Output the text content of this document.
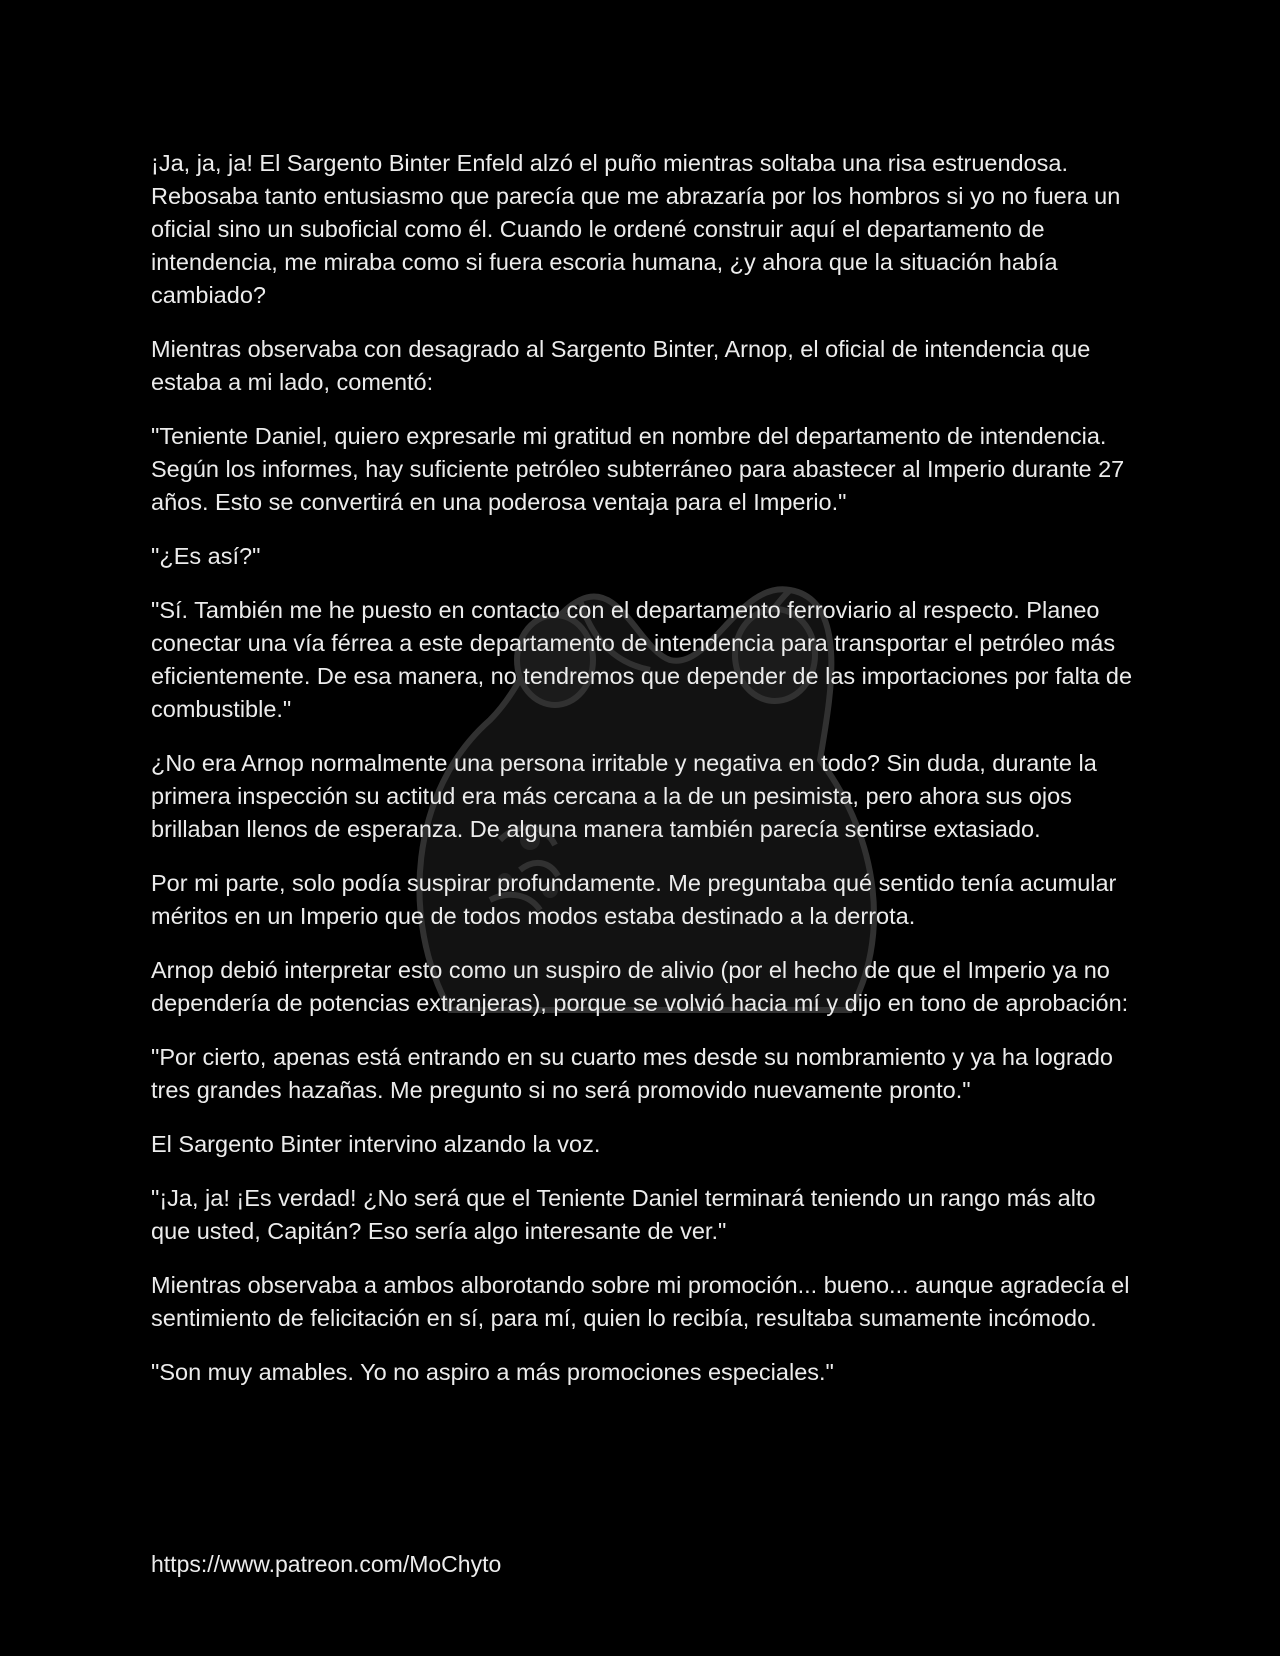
¡Ja, ja, ja! El Sargento Binter Enfeld alzó el puño mientras soltaba una risa estruendosa. Rebosaba tanto entusiasmo que parecía que me abrazaría por los hombros si yo no fuera un oficial sino un suboficial como él. Cuando le ordené construir aquí el departamento de intendencia, me miraba como si fuera escoria humana, ¿y ahora que la situación había cambiado?

Mientras observaba con desagrado al Sargento Binter, Arnop, el oficial de intendencia que estaba a mi lado, comentó:

"Teniente Daniel, quiero expresarle mi gratitud en nombre del departamento de intendencia. Según los informes, hay suficiente petróleo subterráneo para abastecer al Imperio durante 27 años. Esto se convertirá en una poderosa ventaja para el Imperio."

"¿Es así?"

"Sí. También me he puesto en contacto con el departamento ferroviario al respecto. Planeo conectar una vía férrea a este departamento de intendencia para transportar el petróleo más eficientemente. De esa manera, no tendremos que depender de las importaciones por falta de combustible."

¿No era Arnop normalmente una persona irritable y negativa en todo? Sin duda, durante la primera inspección su actitud era más cercana a la de un pesimista, pero ahora sus ojos brillaban llenos de esperanza. De alguna manera también parecía sentirse extasiado.

Por mi parte, solo podía suspirar profundamente. Me preguntaba qué sentido tenía acumular méritos en un Imperio que de todos modos estaba destinado a la derrota.

Arnop debió interpretar esto como un suspiro de alivio (por el hecho de que el Imperio ya no dependería de potencias extranjeras), porque se volvió hacia mí y dijo en tono de aprobación:

"Por cierto, apenas está entrando en su cuarto mes desde su nombramiento y ya ha logrado tres grandes hazañas. Me pregunto si no será promovido nuevamente pronto."

El Sargento Binter intervino alzando la voz.

"¡Ja, ja! ¡Es verdad! ¿No será que el Teniente Daniel terminará teniendo un rango más alto que usted, Capitán? Eso sería algo interesante de ver."

Mientras observaba a ambos alborotando sobre mi promoción... bueno... aunque agradecía el sentimiento de felicitación en sí, para mí, quien lo recibía, resultaba sumamente incómodo.

"Son muy amables. Yo no aspiro a más promociones especiales."

https://www.patreon.com/MoChyto
